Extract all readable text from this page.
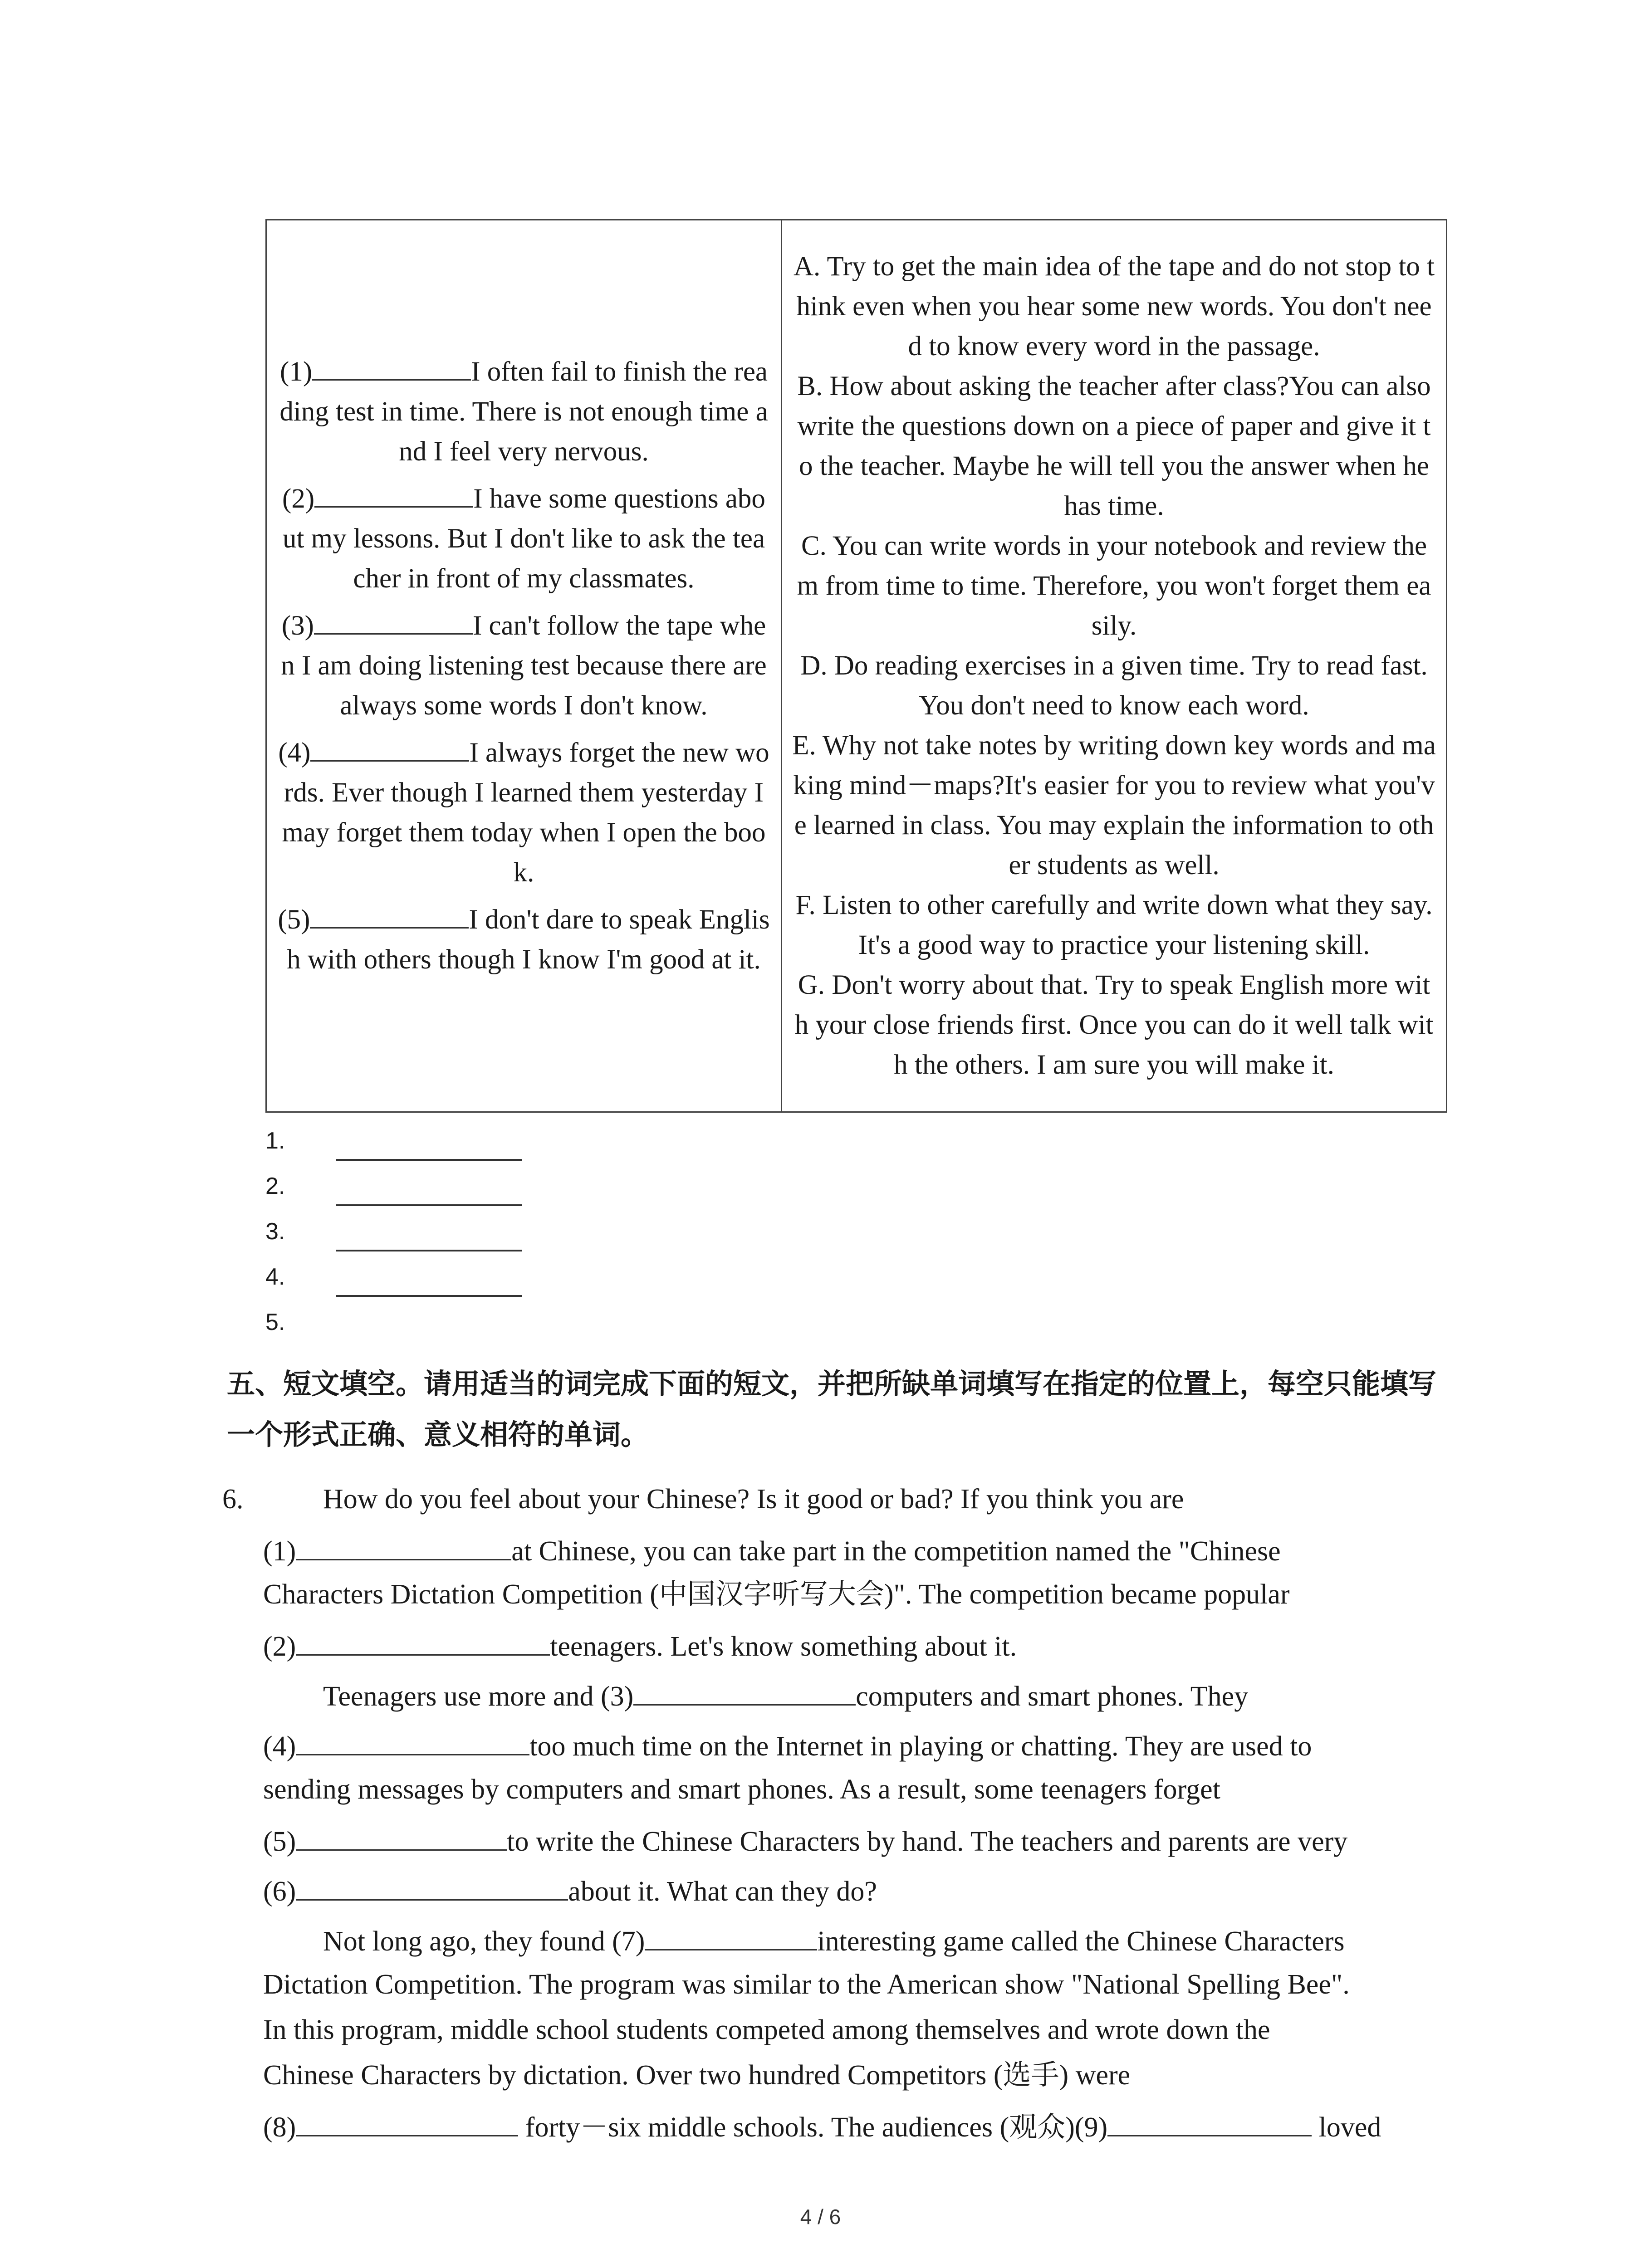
(1)	I often fail to finish the reading test in time. There is not enough time and I feel very nervous.
(2)	I have some questions about my lessons. But I don't like to ask the teacher in front of my classmates.
(3)	I can't follow the tape when I am doing listening test because there are always some words I don't know.
(4)	I always forget the new words. Ever though I learned them yesterday I may forget them today when I open the book.
(5)	I don't dare to speak English with others though I know I'm good at it.
A. Try to get the main idea of the tape and do not stop to think even when you hear some new words. You don't need to know every word in the passage.
B. How about asking the teacher after class?You can also write the questions down on a piece of paper and give it to the teacher. Maybe he will tell you the answer when he has time.
C. You can write words in your notebook and review them from time to time. Therefore, you won't forget them easily.
D. Do reading exercises in a given time. Try to read fast. You don't need to know each word.
E. Why not take notes by writing down key words and making mind－maps?It's easier for you to review what you've learned in class. You may explain the information to other students as well.
F. Listen to other carefully and write down what they say. It's a good way to practice your listening skill.
G. Don't worry about that. Try to speak English more with your close friends first. Once you can do it well talk with the others. I am sure you will make it.
1.
2.
3.
4.
5.
五、短文填空。请用适当的词完成下面的短文，并把所缺单词填写在指定的位置上，每空只能填写一个形式正确、意义相符的单词。
6.	How do you feel about your Chinese? Is it good or bad? If you think you are
(1)	at Chinese, you can take part in the competition named the "Chinese
Characters Dictation Competition (中国汉字听写大会)". The competition became popular
(2)	teenagers. Let's know something about it.
Teenagers use more and (3)	computers and smart phones. They
(4)	too much time on the Internet in playing or chatting. They are used to
sending messages by computers and smart phones. As a result, some teenagers forget
(5)	to write the Chinese Characters by hand. The teachers and parents are very
(6)	about it. What can they do?
Not long ago, they found (7)	interesting game called the Chinese Characters
Dictation Competition. The program was similar to the American show "National Spelling Bee".
In this program, middle school students competed among themselves and wrote down the
Chinese Characters by dictation. Over two hundred Competitors (选手) were
(8)	forty－six middle schools. The audiences (观众)(9)	loved
4 / 6
